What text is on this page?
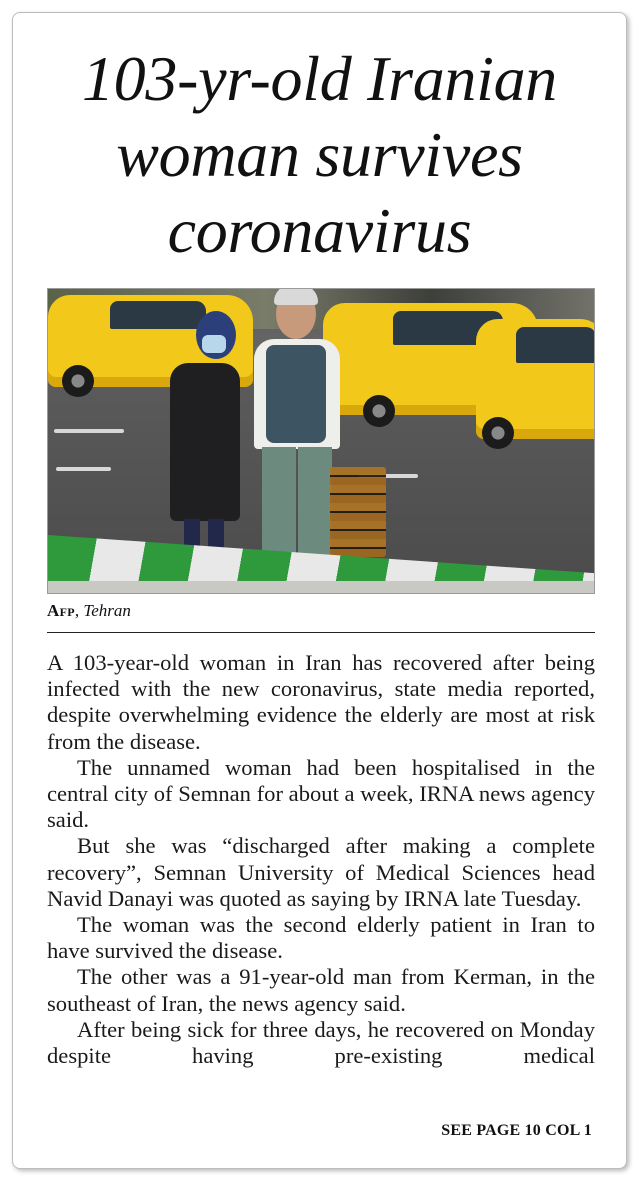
103-yr-old Iranian
woman survives
coronavirus
Afp, Tehran

A 103-year-old woman in Iran has recovered after being infected with the new coronavirus, state media reported, despite overwhelming evidence the elderly are most at risk from the disease.

The unnamed woman had been hospitalised in the central city of Semnan for about a week, IRNA news agency said.

But she was “discharged after making a complete recovery”, Semnan University of Medical Sciences head Navid Danayi was quoted as saying by IRNA late Tuesday.

The woman was the second elderly patient in Iran to have survived the disease.

The other was a 91-year-old man from Kerman, in the southeast of Iran, the news agency said.

After being sick for three days, he recovered on Monday despite having pre-existing medical

SEE PAGE 10 COL 1
